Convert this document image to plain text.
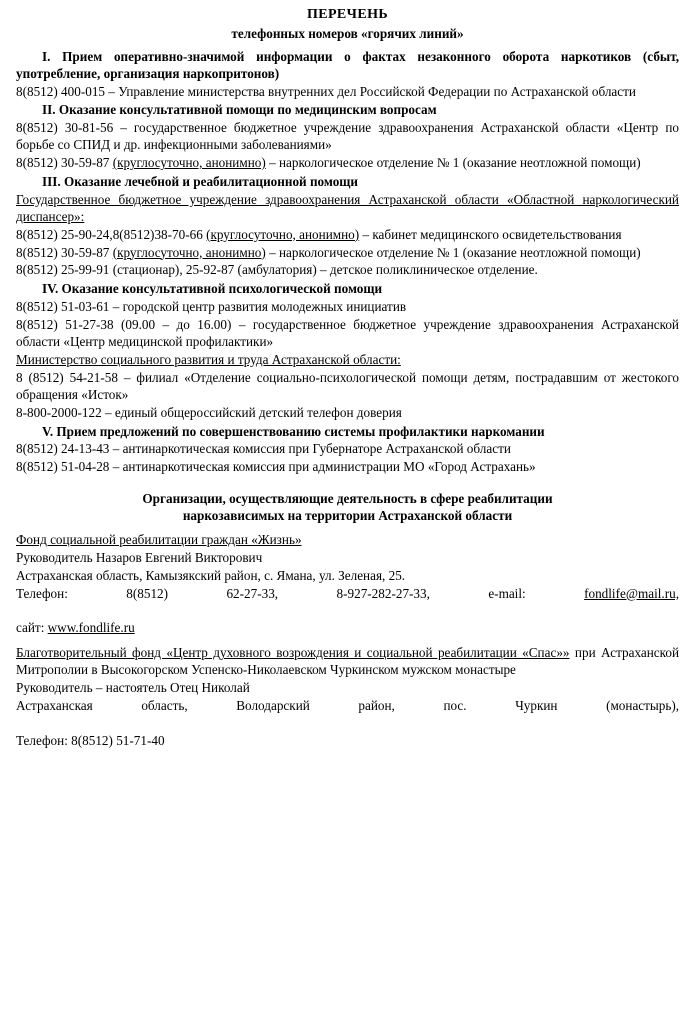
ПЕРЕЧЕНЬ
телефонных номеров «горячих линий»

I. Прием оперативно-значимой информации о фактах незаконного оборота наркотиков (сбыт, употребление, организация наркопритонов)

8(8512) 400-015 – Управление министерства внутренних дел Российской Федерации по Астраханской области

II. Оказание консультативной помощи по медицинским вопросам

8(8512) 30-81-56 – государственное бюджетное учреждение здравоохранения Астраханской области «Центр по борьбе со СПИД и др. инфекционными заболеваниями»

8(8512) 30-59-87 (круглосуточно, анонимно) – наркологическое отделение № 1 (оказание неотложной помощи)

III. Оказание лечебной и реабилитационной помощи

Государственное бюджетное учреждение здравоохранения Астраханской области «Областной наркологический диспансер»:

8(8512) 25-90-24,8(8512)38-70-66 (круглосуточно, анонимно) – кабинет медицинского освидетельствования

8(8512) 30-59-87 (круглосуточно, анонимно) – наркологическое отделение № 1 (оказание неотложной помощи)

8(8512) 25-99-91 (стационар), 25-92-87 (амбулатория) – детское поликлиническое отделение.

IV. Оказание консультативной психологической помощи

8(8512) 51-03-61 – городской центр развития молодежных инициатив

8(8512) 51-27-38 (09.00 – до 16.00) – государственное бюджетное учреждение здравоохранения Астраханской области «Центр медицинской профилактики»

Министерство социального развития и труда Астраханской области:

8 (8512) 54-21-58 – филиал «Отделение социально-психологической помощи детям, пострадавшим от жестокого обращения «Исток»

8-800-2000-122 – единый общероссийский детский телефон доверия

V. Прием предложений по совершенствованию системы профилактики наркомании

8(8512) 24-13-43 – антинаркотическая комиссия при Губернаторе Астраханской области

8(8512) 51-04-28 – антинаркотическая комиссия при администрации МО «Город Астрахань»

Организации, осуществляющие деятельность в сфере реабилитации

наркозависимых на территории Астраханской области

Фонд социальной реабилитации граждан «Жизнь»

Руководитель Назаров Евгений Викторович

Астраханская область, Камызякский район, с. Ямана, ул. Зеленая, 25.

Телефон:	8(8512)	62-27-33,	8-927-282-27-33,	e-mail:	fondlife@mail.ru,

сайт: www.fondlife.ru

Благотворительный фонд «Центр духовного возрождения и социальной реабилитации «Спас»» при Астраханской Митрополии в Высокогорском Успенско-Николаевском Чуркинском мужском монастыре

Руководитель – настоятель Отец Николай

Астраханская	область,	Володарский	район,	пос.	Чуркин	(монастырь),

Телефон: 8(8512) 51-71-40
